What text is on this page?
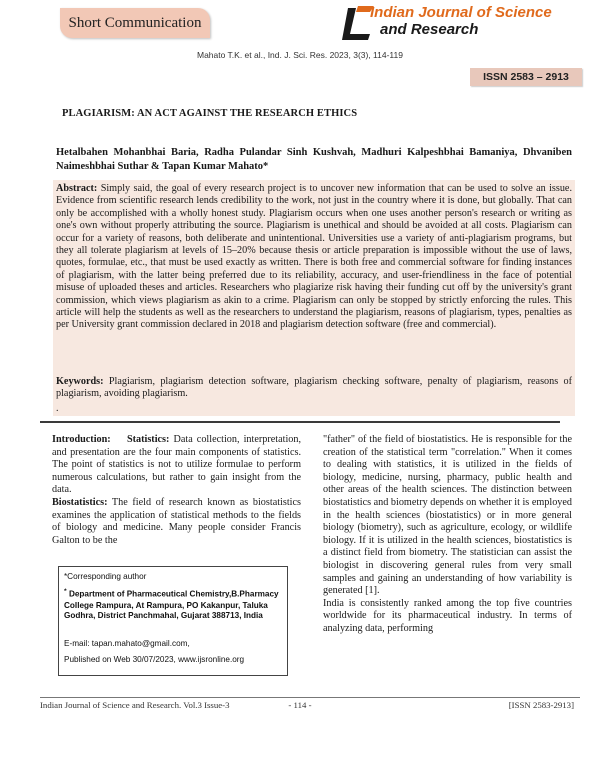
Short Communication
Indian Journal of Science
and Research
Mahato T.K. et al., Ind. J. Sci. Res. 2023, 3(3), 114-119
ISSN 2583 – 2913
PLAGIARISM: AN ACT AGAINST THE RESEARCH ETHICS
Hetalbahen Mohanbhai Baria, Radha Pulandar Sinh Kushvah, Madhuri Kalpeshbhai Bamaniya, Dhvaniben Naimeshbhai Suthar & Tapan Kumar Mahato*
Abstract: Simply said, the goal of every research project is to uncover new information that can be used to solve an issue. Evidence from scientific research lends credibility to the work, not just in the country where it is done, but globally. That can only be accomplished with a wholly honest study. Plagiarism occurs when one uses another person's research or writing as one's own without properly attributing the source. Plagiarism is unethical and should be avoided at all costs. Plagiarism can occur for a variety of reasons, both deliberate and unintentional. Universities use a variety of anti-plagiarism programs, but they all tolerate plagiarism at levels of 15–20% because thesis or article preparation is impossible without the use of laws, quotes, formulae, etc., that must be used exactly as written. There is both free and commercial software for finding instances of plagiarism, with the latter being preferred due to its reliability, accuracy, and user-friendliness in the face of potential misuse of uploaded theses and articles. Researchers who plagiarize risk having their funding cut off by the university's grant commission, which views plagiarism as akin to a crime. Plagiarism can only be stopped by strictly enforcing the rules. This article will help the students as well as the researchers to understand the plagiarism, reasons of plagiarism, types, penalties as per University grant commission declared in 2018 and plagiarism detection software (free and commercial).
Keywords: Plagiarism, plagiarism detection software, plagiarism checking software, penalty of plagiarism, reasons of plagiarism, avoiding plagiarism.
.

Introduction: Statistics: Data collection, interpretation, and presentation are the four main components of statistics. The point of statistics is not to utilize formulae to perform numerous calculations, but rather to gain insight from the data.

Biostatistics: The field of research known as biostatistics examines the application of statistical methods to the fields of biology and medicine. Many people consider Francis Galton to be the

*Corresponding author
* Department of Pharmaceutical Chemistry,B.Pharmacy College Rampura, At Rampura, PO Kakanpur, Taluka Godhra, District Panchmahal, Gujarat 388713, India
E-mail: tapan.mahato@gmail.com,
Published on Web 30/07/2023, www.ijsronline.org

"father" of the field of biostatistics. He is responsible for the creation of the statistical term "correlation." When it comes to dealing with statistics, it is utilized in the fields of biology, medicine, nursing, pharmacy, public health and other areas of the health sciences. The distinction between biostatistics and biometry depends on whether it is employed in the health sciences (biostatistics) or in more general biology (biometry), such as agriculture, ecology, or wildlife biology. If it is utilized in the health sciences, biostatistics is a distinct field from biometry. The statistician can assist the biologist in discovering general rules from very small samples and gaining an understanding of how variability is generated [1].

India is consistently ranked among the top five countries worldwide for its pharmaceutical industry. In terms of analyzing data, performing

Indian Journal of Science and Research. Vol.3 Issue-3	- 114 -	[ISSN 2583-2913]
